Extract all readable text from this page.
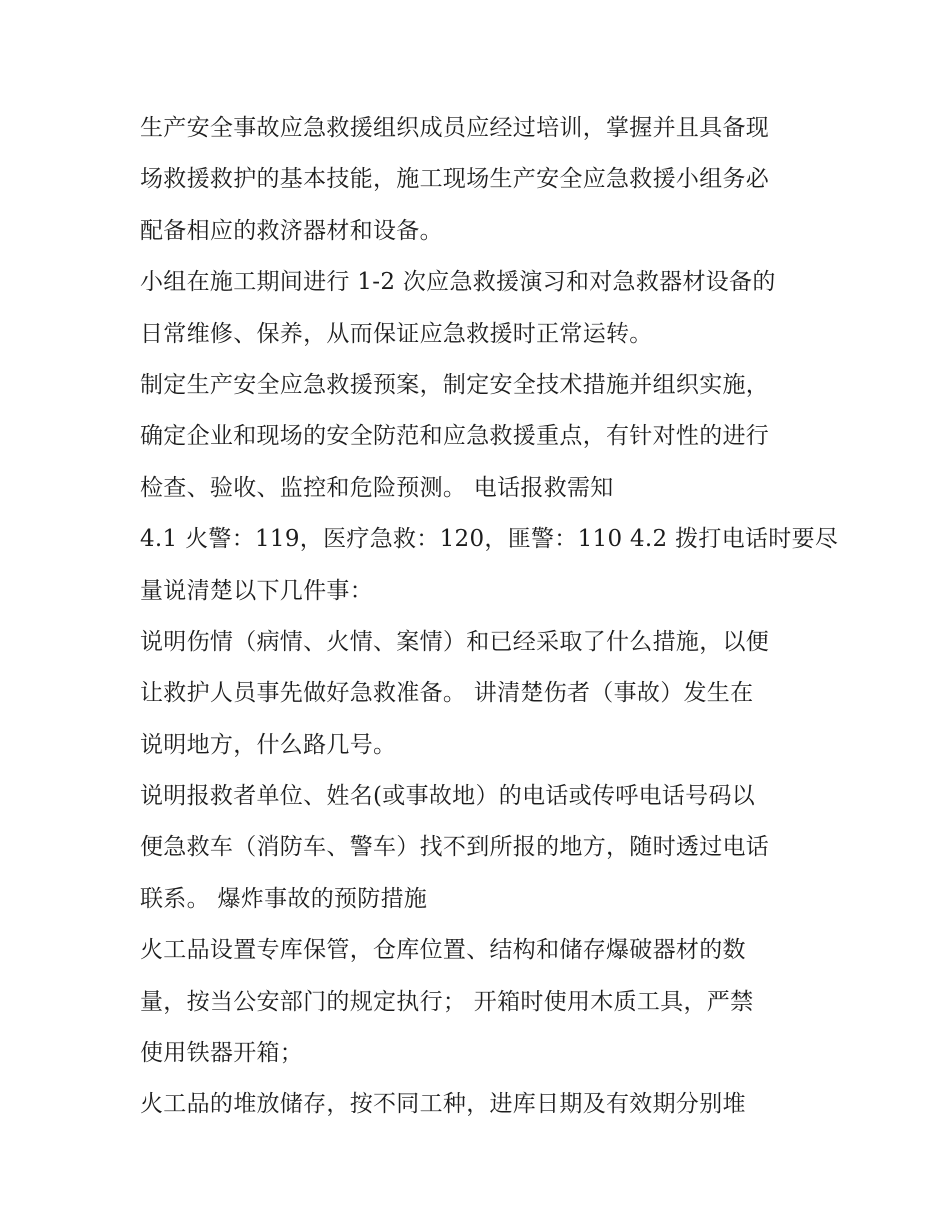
生产安全事故应急救援组织成员应经过培训，掌握并且具备现
场救援救护的基本技能，施工现场生产安全应急救援小组务必
配备相应的救济器材和设备。
小组在施工期间进行 1-2 次应急救援演习和对急救器材设备的
日常维修、保养，从而保证应急救援时正常运转。
制定生产安全应急救援预案，制定安全技术措施并组织实施，
确定企业和现场的安全防范和应急救援重点，有针对性的进行
检查、验收、监控和危险预测。 电话报救需知
4.1 火警：119，医疗急救：120，匪警：110 4.2 拨打电话时要尽
量说清楚以下几件事：
说明伤情（病情、火情、案情）和已经采取了什么措施，以便
让救护人员事先做好急救准备。 讲清楚伤者（事故）发生在
说明地方，什么路几号。
说明报救者单位、姓名(或事故地）的电话或传呼电话号码以
便急救车（消防车、警车）找不到所报的地方，随时透过电话
联系。 爆炸事故的预防措施
火工品设置专库保管，仓库位置、结构和储存爆破器材的数
量，按当公安部门的规定执行； 开箱时使用木质工具，严禁
使用铁器开箱；
火工品的堆放储存，按不同工种，进库日期及有效期分别堆
